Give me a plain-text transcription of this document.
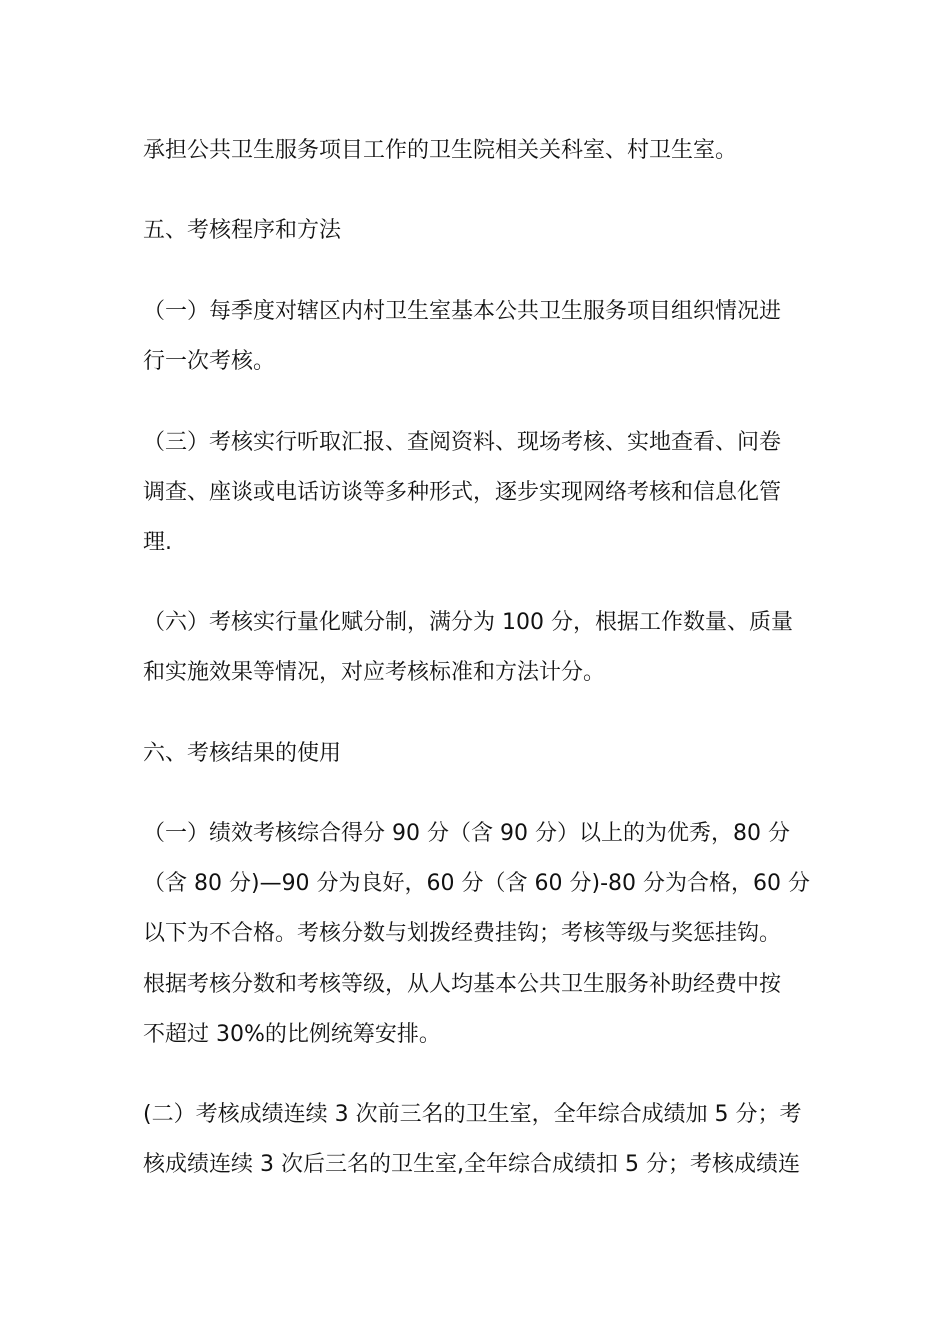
承担公共卫生服务项目工作的卫生院相关关科室、村卫生室。
五、考核程序和方法
（一）每季度对辖区内村卫生室基本公共卫生服务项目组织情况进
行一次考核。
（三）考核实行听取汇报、查阅资料、现场考核、实地查看、问卷
调查、座谈或电话访谈等多种形式，逐步实现网络考核和信息化管
理.
（六）考核实行量化赋分制，满分为 100 分，根据工作数量、质量
和实施效果等情况，对应考核标准和方法计分。
六、考核结果的使用
（一）绩效考核综合得分 90 分（含 90 分）以上的为优秀，80 分
（含 80 分)—90 分为良好，60 分（含 60 分)-80 分为合格，60 分
以下为不合格。考核分数与划拨经费挂钩；考核等级与奖惩挂钩。
根据考核分数和考核等级，从人均基本公共卫生服务补助经费中按
不超过 30%的比例统筹安排。
(二）考核成绩连续 3 次前三名的卫生室，全年综合成绩加 5 分；考
核成绩连续 3 次后三名的卫生室,全年综合成绩扣 5 分；考核成绩连
